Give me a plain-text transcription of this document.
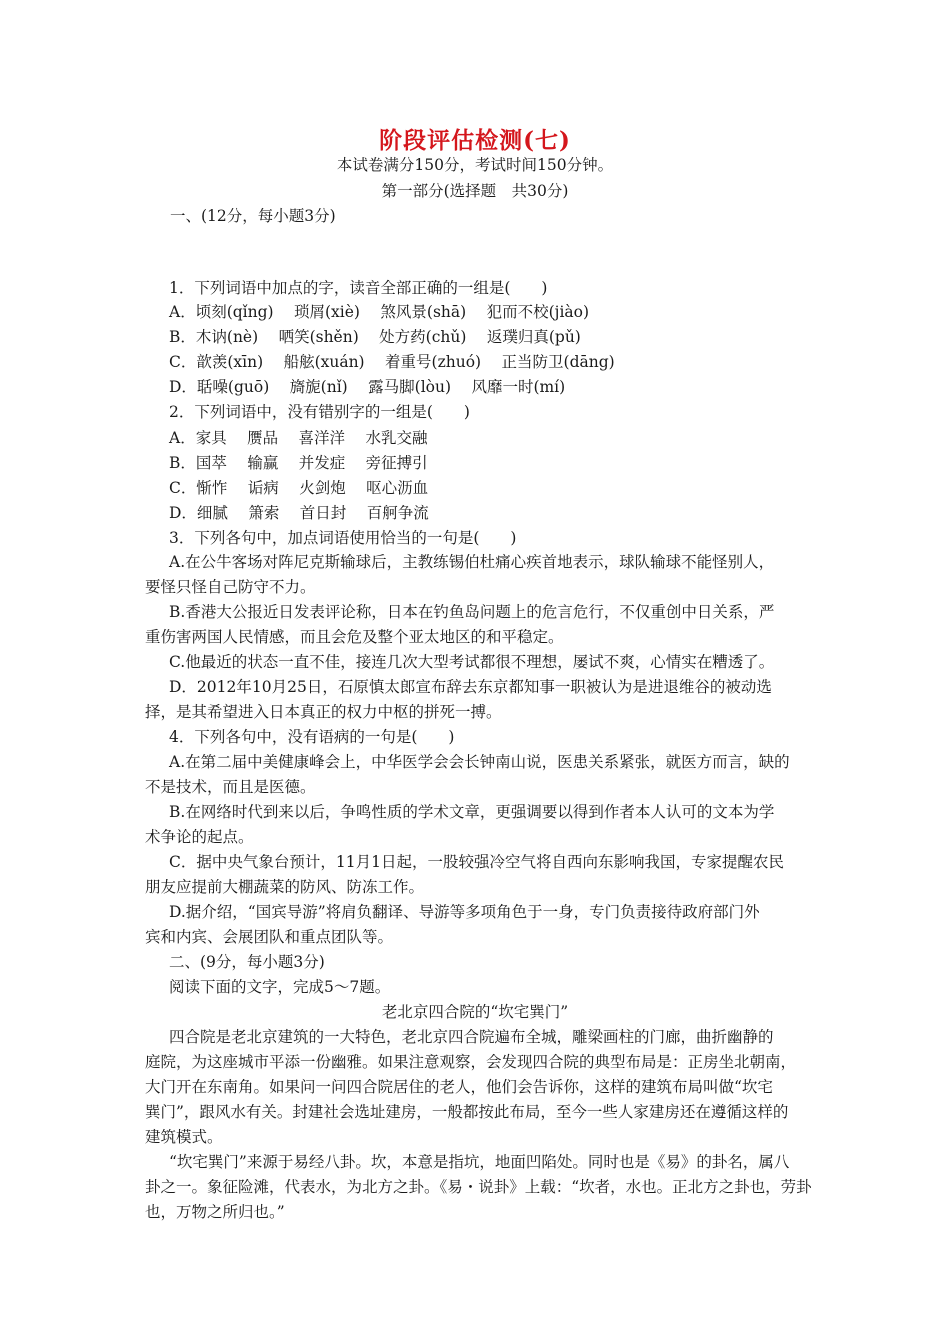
阶段评估检测(七)
本试卷满分150分，考试时间150分钟。
第一部分(选择题　共30分)
一、(12分，每小题3分)
1．下列词语中加点的字，读音全部正确的一组是(　　)
A．顷刻(qǐng)　 琐屑(xiè)　 煞风景(shā)　 犯而不校(jiào)
B．木讷(nè)　 哂笑(shěn)　 处方药(chǔ)　 返璞归真(pǔ)
C．歆羡(xīn)　 船舷(xuán)　 着重号(zhuó)　 正当防卫(dāng)
D．聒噪(guō)　 旖旎(nǐ)　 露马脚(lòu)　 风靡一时(mí)
2．下列词语中，没有错别字的一组是(　　)
A．家具　 赝品　 喜洋洋　 水乳交融
B．国萃　 输赢　 并发症　 旁征搏引
C．惭怍　 诟病　 火剑炮　 呕心沥血
D．细腻　 箫索　 首日封　 百舸争流
3．下列各句中，加点词语使用恰当的一句是(　　)
A.在公牛客场对阵尼克斯输球后，主教练锡伯杜痛心疾首地表示，球队输球不能怪别人，
要怪只怪自己防守不力。
B.香港大公报近日发表评论称，日本在钓鱼岛问题上的危言危行，不仅重创中日关系，严
重伤害两国人民情感，而且会危及整个亚太地区的和平稳定。
C.他最近的状态一直不佳，接连几次大型考试都很不理想，屡试不爽，心情实在糟透了。
D．2012年10月25日，石原慎太郎宣布辞去东京都知事一职被认为是进退维谷的被动选
择，是其希望进入日本真正的权力中枢的拼死一搏。
4．下列各句中，没有语病的一句是(　　)
A.在第二届中美健康峰会上，中华医学会会长钟南山说，医患关系紧张，就医方而言，缺的
不是技术，而且是医德。
B.在网络时代到来以后，争鸣性质的学术文章，更强调要以得到作者本人认可的文本为学
术争论的起点。
C．据中央气象台预计，11月1日起，一股较强冷空气将自西向东影响我国，专家提醒农民
朋友应提前大棚蔬菜的防风、防冻工作。
D.据介绍，“国宾导游”将肩负翻译、导游等多项角色于一身，专门负责接待政府部门外
宾和内宾、会展团队和重点团队等。
二、(9分，每小题3分)
阅读下面的文字，完成5～7题。
老北京四合院的“坎宅巽门”
四合院是老北京建筑的一大特色，老北京四合院遍布全城，雕梁画柱的门廊，曲折幽静的
庭院，为这座城市平添一份幽雅。如果注意观察，会发现四合院的典型布局是：正房坐北朝南，
大门开在东南角。如果问一问四合院居住的老人，他们会告诉你，这样的建筑布局叫做“坎宅
巽门”，跟风水有关。封建社会选址建房，一般都按此布局，至今一些人家建房还在遵循这样的
建筑模式。
“坎宅巽门”来源于易经八卦。坎，本意是指坑，地面凹陷处。同时也是《易》的卦名，属八
卦之一。象征险滩，代表水，为北方之卦。《易・说卦》上载：“坎者，水也。正北方之卦也，劳卦
也，万物之所归也。”
